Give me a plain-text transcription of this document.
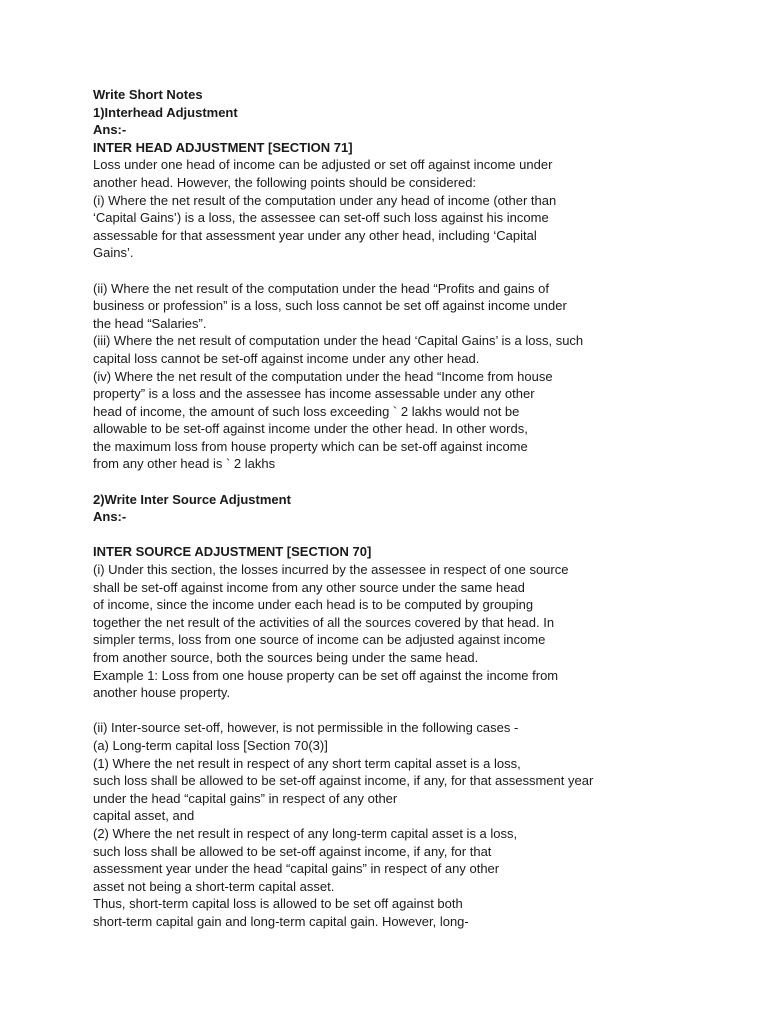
Write Short Notes
1)Interhead Adjustment
Ans:-
INTER HEAD ADJUSTMENT [SECTION 71]
Loss under one head of income can be adjusted or set off against income under
another head. However, the following points should be considered:
(i) Where the net result of the computation under any head of income (other than
‘Capital Gains’) is a loss, the assessee can set-off such loss against his income
assessable for that assessment year under any other head, including ‘Capital
Gains’.
(ii) Where the net result of the computation under the head “Profits and gains of
business or profession” is a loss, such loss cannot be set off against income under
the head “Salaries”.
(iii) Where the net result of computation under the head ‘Capital Gains’ is a loss, such
capital loss cannot be set-off against income under any other head.
(iv) Where the net result of the computation under the head “Income from house
property” is a loss and the assessee has income assessable under any other
head of income, the amount of such loss exceeding ` 2 lakhs would not be
allowable to be set-off against income under the other head. In other words,
the maximum loss from house property which can be set-off against income
from any other head is ` 2 lakhs
2)Write Inter Source Adjustment
Ans:-
INTER SOURCE ADJUSTMENT [SECTION 70]
(i) Under this section, the losses incurred by the assessee in respect of one source
shall be set-off against income from any other source under the same head
of income, since the income under each head is to be computed by grouping
together the net result of the activities of all the sources covered by that head. In
simpler terms, loss from one source of income can be adjusted against income
from another source, both the sources being under the same head.
Example 1: Loss from one house property can be set off against the income from
another house property.
(ii) Inter-source set-off, however, is not permissible in the following cases -
(a) Long-term capital loss [Section 70(3)]
(1) Where the net result in respect of any short term capital asset is a loss,
such loss shall be allowed to be set-off against income, if any, for that assessment year
under the head “capital gains” in respect of any other
capital asset, and
(2) Where the net result in respect of any long-term capital asset is a loss,
such loss shall be allowed to be set-off against income, if any, for that
assessment year under the head “capital gains” in respect of any other
asset not being a short-term capital asset.
Thus, short-term capital loss is allowed to be set off against both
short-term capital gain and long-term capital gain. However, long-
